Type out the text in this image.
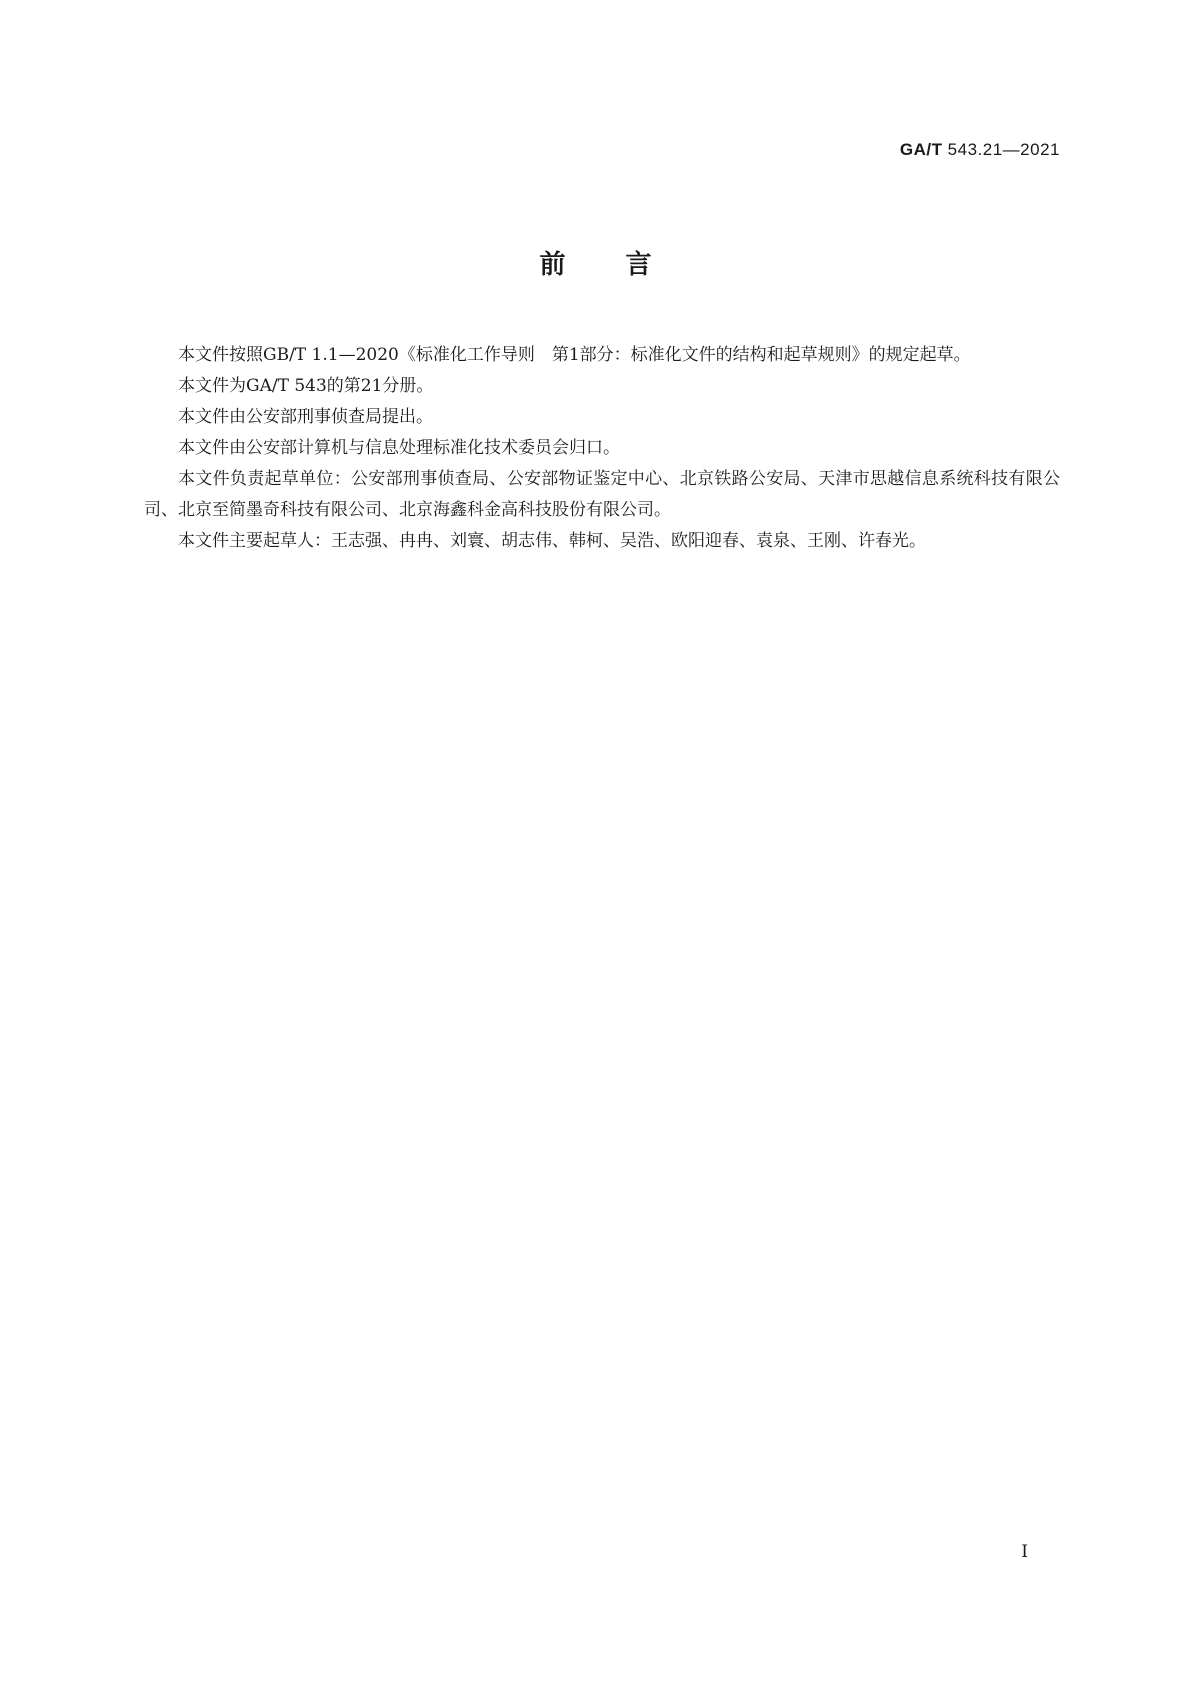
GA/T 543.21—2021
前言

本文件按照GB/T 1.1—2020《标准化工作导则　第1部分：标准化文件的结构和起草规则》的规定起草。

本文件为GA/T 543的第21分册。

本文件由公安部刑事侦查局提出。

本文件由公安部计算机与信息处理标准化技术委员会归口。

本文件负责起草单位：公安部刑事侦查局、公安部物证鉴定中心、北京铁路公安局、天津市思越信息系统科技有限公司、北京至简墨奇科技有限公司、北京海鑫科金高科技股份有限公司。

本文件主要起草人：王志强、冉冉、刘寰、胡志伟、韩柯、吴浩、欧阳迎春、袁泉、王刚、许春光。

I
